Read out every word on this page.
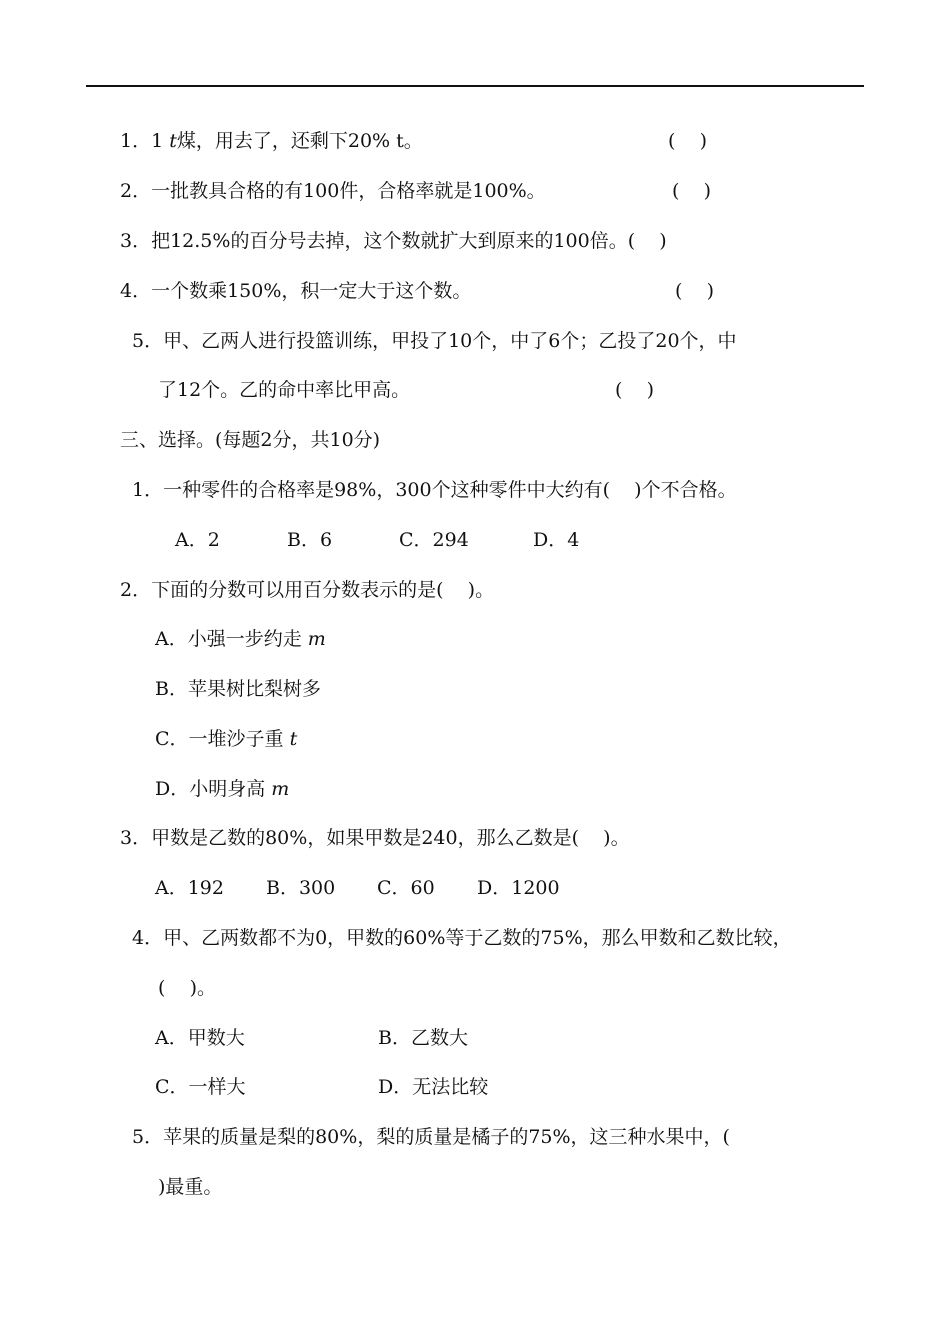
1．1 t煤，用去了，还剩下20% t。	(    )
2．一批教具合格的有100件，合格率就是100%。	(    )
3．把12.5%的百分号去掉，这个数就扩大到原来的100倍。(    )
4．一个数乘150%，积一定大于这个数。	(    )
5．甲、乙两人进行投篮训练，甲投了10个，中了6个；乙投了20个，中
了12个。乙的命中率比甲高。	(    )
三、选择。(每题2分，共10分)
1．一种零件的合格率是98%，300个这种零件中大约有(    )个不合格。
A．2	B．6	C．294	D．4
2．下面的分数可以用百分数表示的是(    )。
A．小强一步约走 m
B．苹果树比梨树多
C．一堆沙子重 t
D．小明身高 m
3．甲数是乙数的80%，如果甲数是240，那么乙数是(    )。
A．192 B．300 C．60 D．1200
4．甲、乙两数都不为0，甲数的60%等于乙数的75%，那么甲数和乙数比较，
(    )。
A．甲数大	B．乙数大
C．一样大	D．无法比较
5．苹果的质量是梨的80%，梨的质量是橘子的75%，这三种水果中，(
)最重。
